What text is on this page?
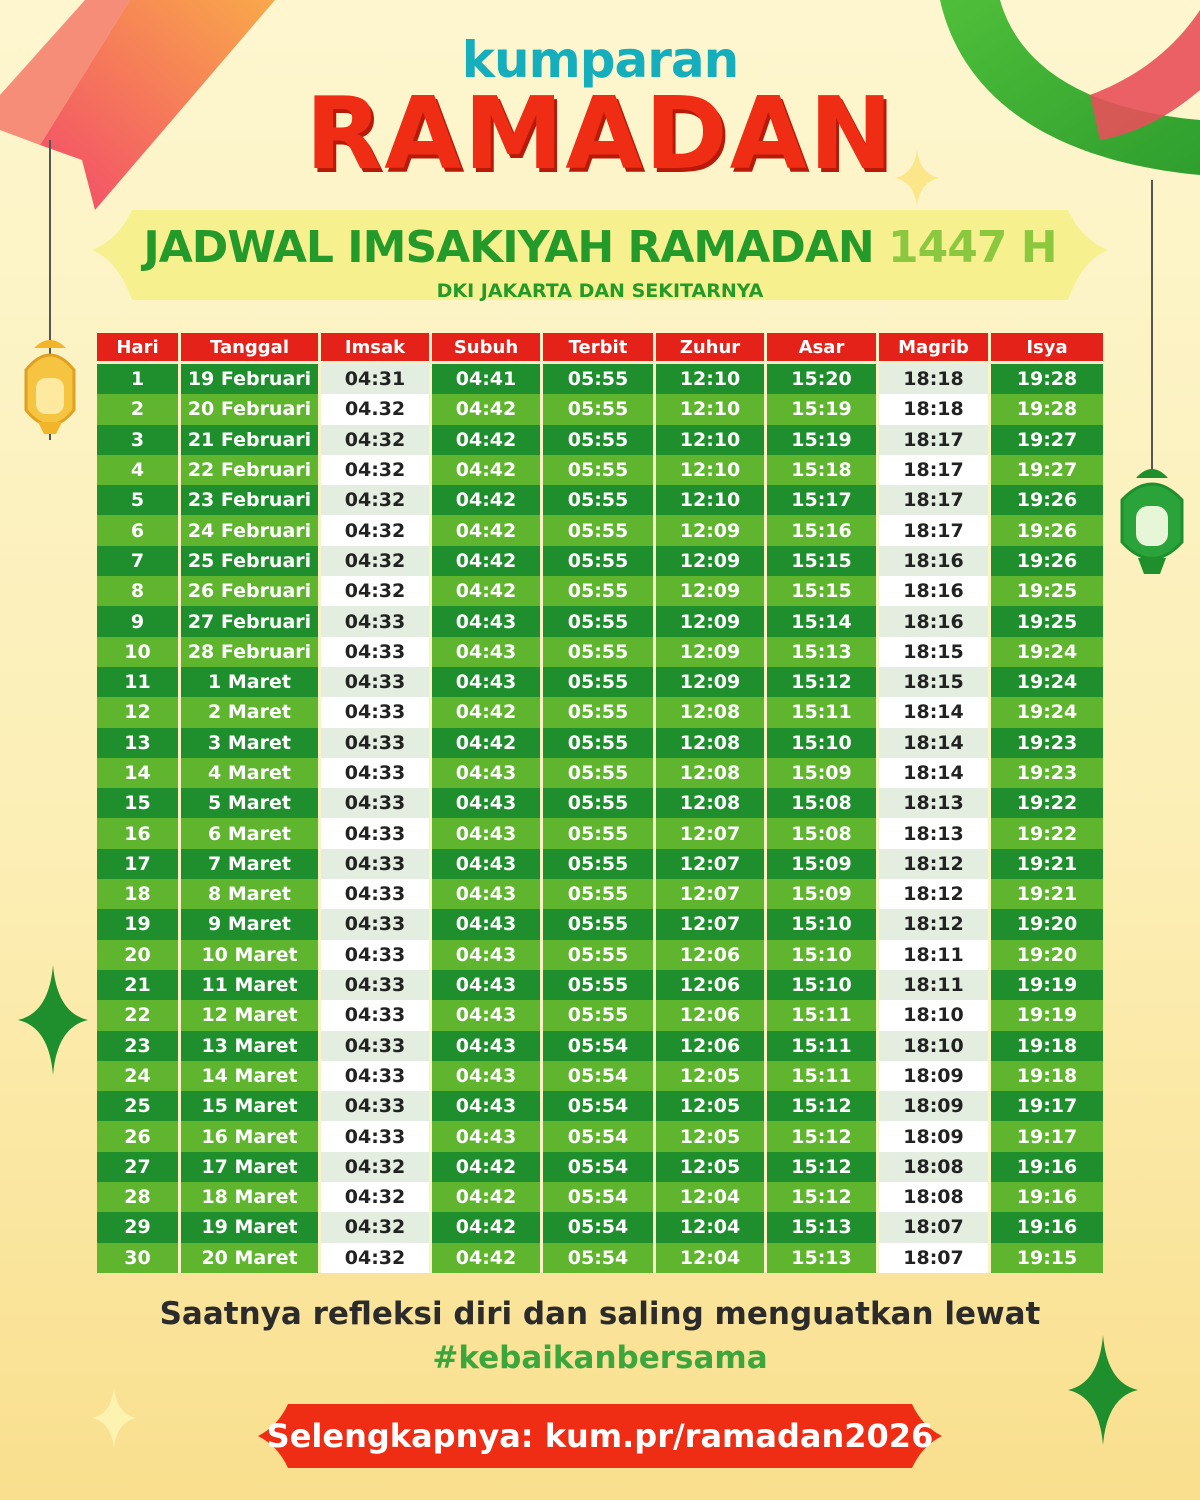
kumparan
RAMADAN
JADWAL IMSAKIYAH RAMADAN 1447 H
DKI JAKARTA DAN SEKITARNYA
Hari	Tanggal	Imsak	Subuh	Terbit	Zuhur	Asar	Magrib	Isya
1	19 Februari	04:31	04:41	05:55	12:10	15:20	18:18	19:28
2	20 Februari	04.32	04:42	05:55	12:10	15:19	18:18	19:28
3	21 Februari	04:32	04:42	05:55	12:10	15:19	18:17	19:27
4	22 Februari	04:32	04:42	05:55	12:10	15:18	18:17	19:27
5	23 Februari	04:32	04:42	05:55	12:10	15:17	18:17	19:26
6	24 Februari	04:32	04:42	05:55	12:09	15:16	18:17	19:26
7	25 Februari	04:32	04:42	05:55	12:09	15:15	18:16	19:26
8	26 Februari	04:32	04:42	05:55	12:09	15:15	18:16	19:25
9	27 Februari	04:33	04:43	05:55	12:09	15:14	18:16	19:25
10	28 Februari	04:33	04:43	05:55	12:09	15:13	18:15	19:24
11	1 Maret	04:33	04:43	05:55	12:09	15:12	18:15	19:24
12	2 Maret	04:33	04:42	05:55	12:08	15:11	18:14	19:24
13	3 Maret	04:33	04:42	05:55	12:08	15:10	18:14	19:23
14	4 Maret	04:33	04:43	05:55	12:08	15:09	18:14	19:23
15	5 Maret	04:33	04:43	05:55	12:08	15:08	18:13	19:22
16	6 Maret	04:33	04:43	05:55	12:07	15:08	18:13	19:22
17	7 Maret	04:33	04:43	05:55	12:07	15:09	18:12	19:21
18	8 Maret	04:33	04:43	05:55	12:07	15:09	18:12	19:21
19	9 Maret	04:33	04:43	05:55	12:07	15:10	18:12	19:20
20	10 Maret	04:33	04:43	05:55	12:06	15:10	18:11	19:20
21	11 Maret	04:33	04:43	05:55	12:06	15:10	18:11	19:19
22	12 Maret	04:33	04:43	05:55	12:06	15:11	18:10	19:19
23	13 Maret	04:33	04:43	05:54	12:06	15:11	18:10	19:18
24	14 Maret	04:33	04:43	05:54	12:05	15:11	18:09	19:18
25	15 Maret	04:33	04:43	05:54	12:05	15:12	18:09	19:17
26	16 Maret	04:33	04:43	05:54	12:05	15:12	18:09	19:17
27	17 Maret	04:32	04:42	05:54	12:05	15:12	18:08	19:16
28	18 Maret	04:32	04:42	05:54	12:04	15:12	18:08	19:16
29	19 Maret	04:32	04:42	05:54	12:04	15:13	18:07	19:16
30	20 Maret	04:32	04:42	05:54	12:04	15:13	18:07	19:15
Saatnya refleksi diri dan saling menguatkan lewat
#kebaikanbersama
Selengkapnya: kum.pr/ramadan2026
